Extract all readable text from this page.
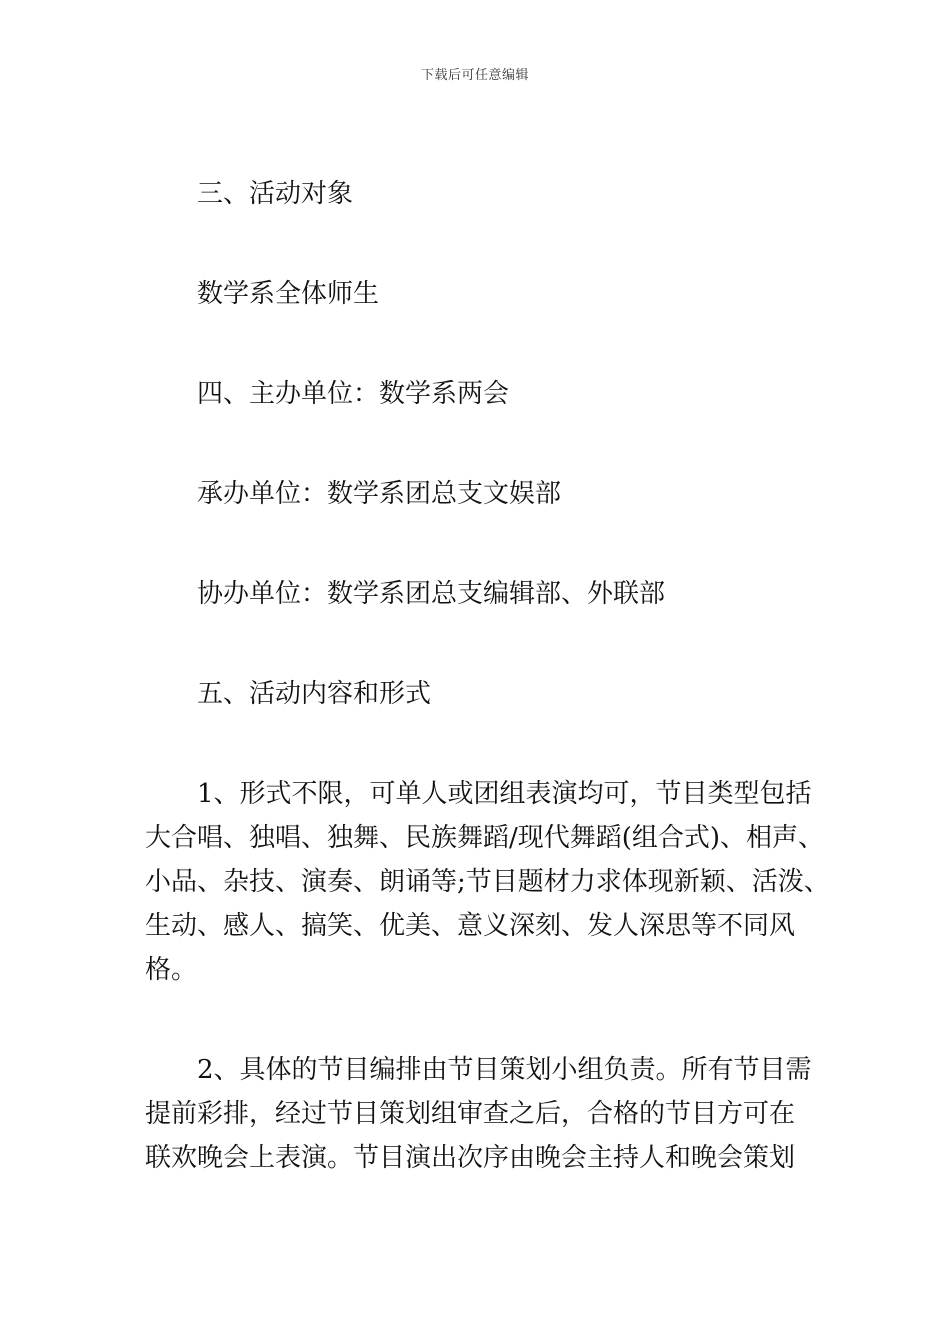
下载后可任意编辑
三、活动对象
数学系全体师生
四、主办单位：数学系两会
承办单位：数学系团总支文娱部
协办单位：数学系团总支编辑部、外联部
五、活动内容和形式
1、形式不限，可单人或团组表演均可，节目类型包括
大合唱、独唱、独舞、民族舞蹈/现代舞蹈(组合式)、相声、
小品、杂技、演奏、朗诵等;节目题材力求体现新颖、活泼、
生动、感人、搞笑、优美、意义深刻、发人深思等不同风
格。
2、具体的节目编排由节目策划小组负责。所有节目需
提前彩排，经过节目策划组审查之后，合格的节目方可在
联欢晚会上表演。节目演出次序由晚会主持人和晚会策划
